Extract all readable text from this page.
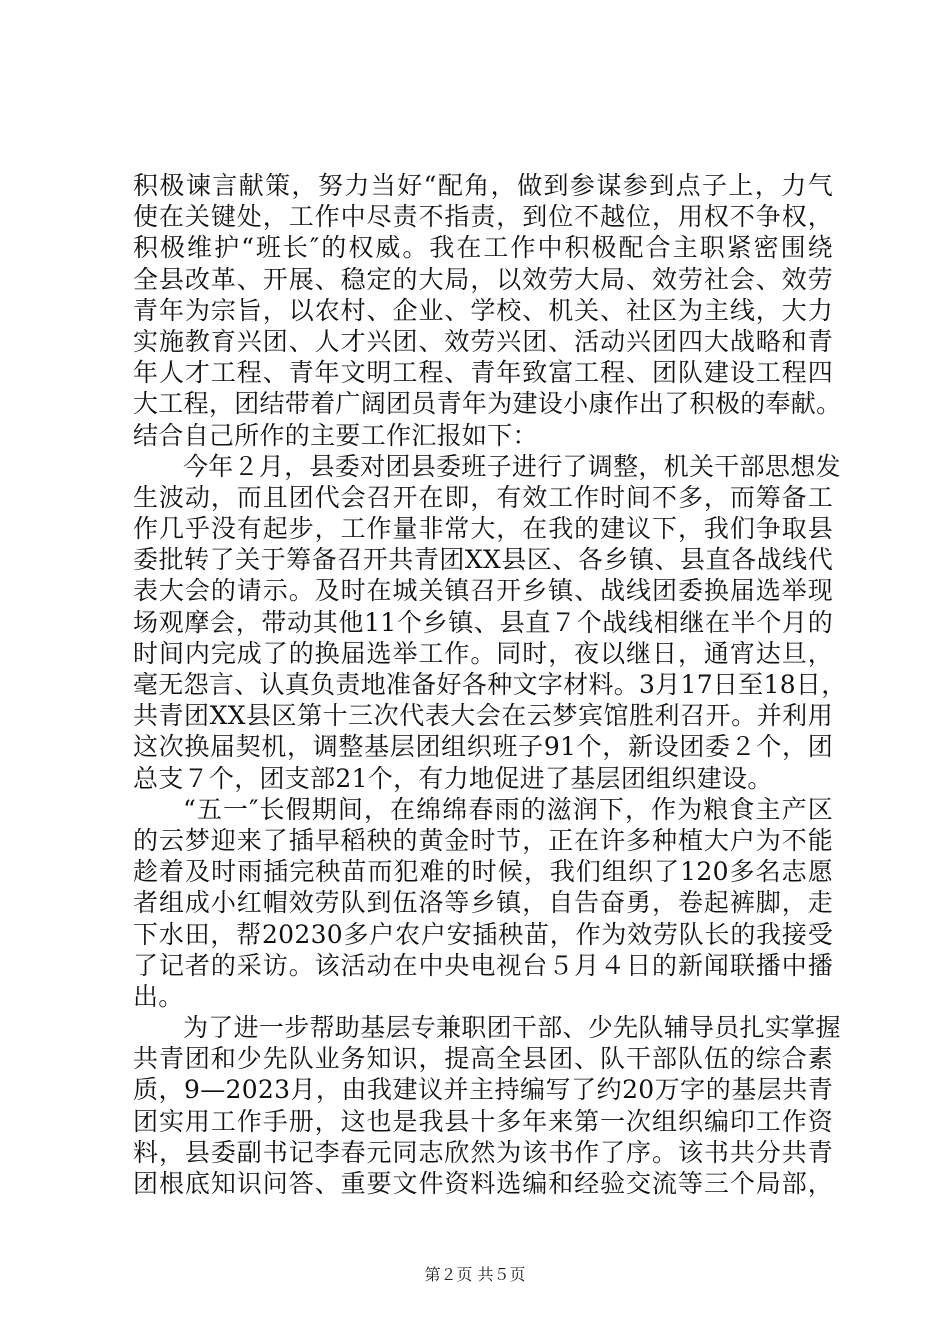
积极谏言献策，努力当好“配角，做到参谋参到点子上，力气
使在关键处，工作中尽责不指责，到位不越位，用权不争权，
积极维护“班长″的权威。我在工作中积极配合主职紧密围绕
全县改革、开展、稳定的大局，以效劳大局、效劳社会、效劳
青年为宗旨，以农村、企业、学校、机关、社区为主线，大力
实施教育兴团、人才兴团、效劳兴团、活动兴团四大战略和青
年人才工程、青年文明工程、青年致富工程、团队建设工程四
大工程，团结带着广阔团员青年为建设小康作出了积极的奉献。
结合自己所作的主要工作汇报如下：
今年２月，县委对团县委班子进行了调整，机关干部思想发
生波动，而且团代会召开在即，有效工作时间不多，而筹备工
作几乎没有起步，工作量非常大，在我的建议下，我们争取县
委批转了关于筹备召开共青团XX县区、各乡镇、县直各战线代
表大会的请示。及时在城关镇召开乡镇、战线团委换届选举现
场观摩会，带动其他11个乡镇、县直７个战线相继在半个月的
时间内完成了的换届选举工作。同时，夜以继日，通宵达旦，
毫无怨言、认真负责地准备好各种文字材料。3月17日至18日，
共青团XX县区第十三次代表大会在云梦宾馆胜利召开。并利用
这次换届契机，调整基层团组织班子91个，新设团委２个，团
总支７个，团支部21个，有力地促进了基层团组织建设。
“五一″长假期间，在绵绵春雨的滋润下，作为粮食主产区
的云梦迎来了插早稻秧的黄金时节，正在许多种植大户为不能
趁着及时雨插完秧苗而犯难的时候，我们组织了120多名志愿
者组成小红帽效劳队到伍洛等乡镇，自告奋勇，卷起裤脚，走
下水田，帮20230多户农户安插秧苗，作为效劳队长的我接受
了记者的采访。该活动在中央电视台５月４日的新闻联播中播
出。
为了进一步帮助基层专兼职团干部、少先队辅导员扎实掌握
共青团和少先队业务知识，提高全县团、队干部队伍的综合素
质，9—2023月，由我建议并主持编写了约20万字的基层共青
团实用工作手册，这也是我县十多年来第一次组织编印工作资
料，县委副书记李春元同志欣然为该书作了序。该书共分共青
团根底知识问答、重要文件资料选编和经验交流等三个局部，
第２页 共５页
